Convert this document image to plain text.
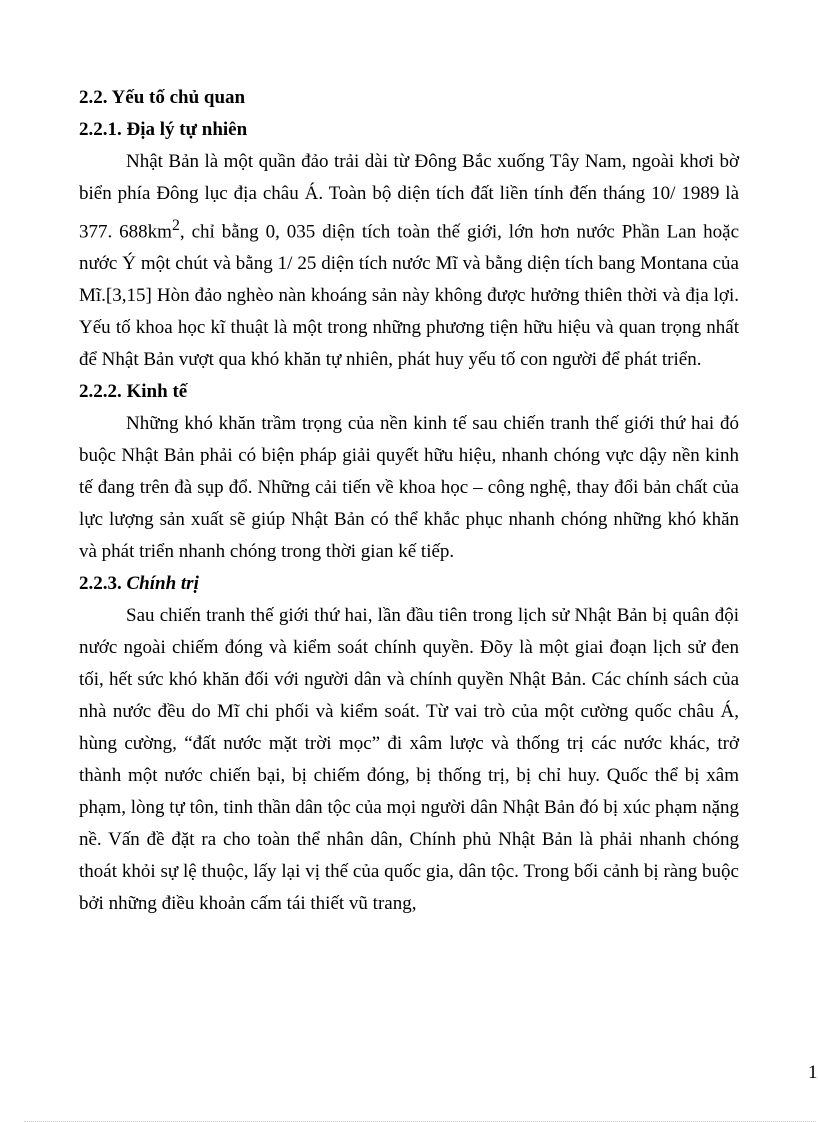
2.2. Yếu tố chủ quan
2.2.1. Địa lý tự nhiên

Nhật Bản là một quần đảo trải dài từ Đông Bắc xuống Tây Nam, ngoài khơi bờ biển phía Đông lục địa châu Á. Toàn bộ diện tích đất liền tính đến tháng 10/ 1989 là 377. $688km^2$, chỉ bằng 0, 035 diện tích toàn thế giới, lớn hơn nước Phần Lan hoặc nước Ý một chút và bằng 1/ 25 diện tích nước Mĩ và bằng diện tích bang Montana của Mĩ.[3,15] Hòn đảo nghèo nàn khoáng sản này không được hưởng thiên thời và địa lợi. Yếu tố khoa học kĩ thuật là một trong những phương tiện hữu hiệu và quan trọng nhất để Nhật Bản vượt qua khó khăn tự nhiên, phát huy yếu tố con người để phát triển.

2.2.2. Kinh tế

Những khó khăn trầm trọng của nền kinh tế sau chiến tranh thế giới thứ hai đó buộc Nhật Bản phải có biện pháp giải quyết hữu hiệu, nhanh chóng vực dậy nền kinh tế đang trên đà sụp đổ. Những cải tiến về khoa học – công nghệ, thay đổi bản chất của lực lượng sản xuất sẽ giúp Nhật Bản có thể khắc phục nhanh chóng những khó khăn và phát triển nhanh chóng trong thời gian kế tiếp.

2.2.3. Chính trị

Sau chiến tranh thế giới thứ hai, lần đầu tiên trong lịch sử Nhật Bản bị quân đội nước ngoài chiếm đóng và kiểm soát chính quyền. Đõy là một giai đoạn lịch sử đen tối, hết sức khó khăn đối với người dân và chính quyền Nhật Bản. Các chính sách của nhà nước đều do Mĩ chi phối và kiểm soát. Từ vai trò của một cường quốc châu Á, hùng cường, “đất nước mặt trời mọc” đi xâm lược và thống trị các nước khác, trở thành một nước chiến bại, bị chiếm đóng, bị thống trị, bị chỉ huy. Quốc thể bị xâm phạm, lòng tự tôn, tinh thần dân tộc của mọi người dân Nhật Bản đó bị xúc phạm nặng nề. Vấn đề đặt ra cho toàn thể nhân dân, Chính phủ Nhật Bản là phải nhanh chóng thoát khỏi sự lệ thuộc, lấy lại vị thế của quốc gia, dân tộc. Trong bối cảnh bị ràng buộc bởi những điều khoản cấm tái thiết vũ trang,

1
